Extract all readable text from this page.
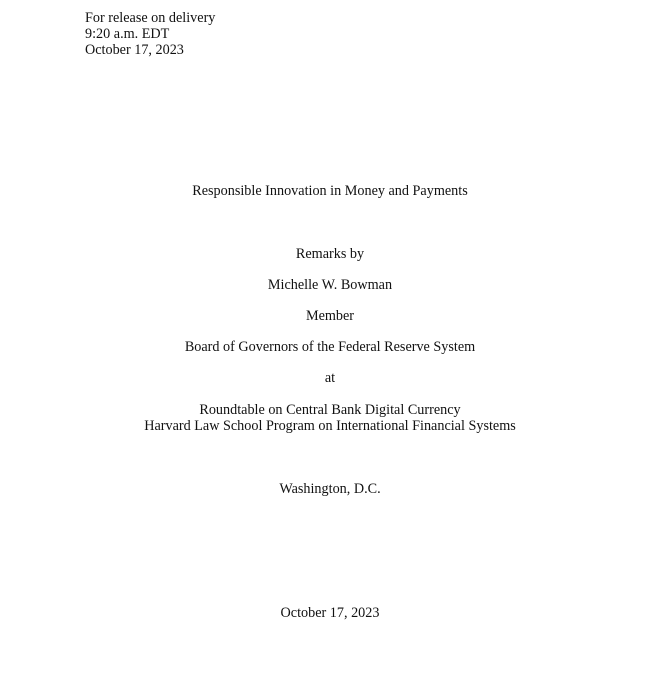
For release on delivery
9:20 a.m. EDT
October 17, 2023
Responsible Innovation in Money and Payments
Remarks by
Michelle W. Bowman
Member
Board of Governors of the Federal Reserve System
at
Roundtable on Central Bank Digital Currency
Harvard Law School Program on International Financial Systems
Washington, D.C.
October 17, 2023
